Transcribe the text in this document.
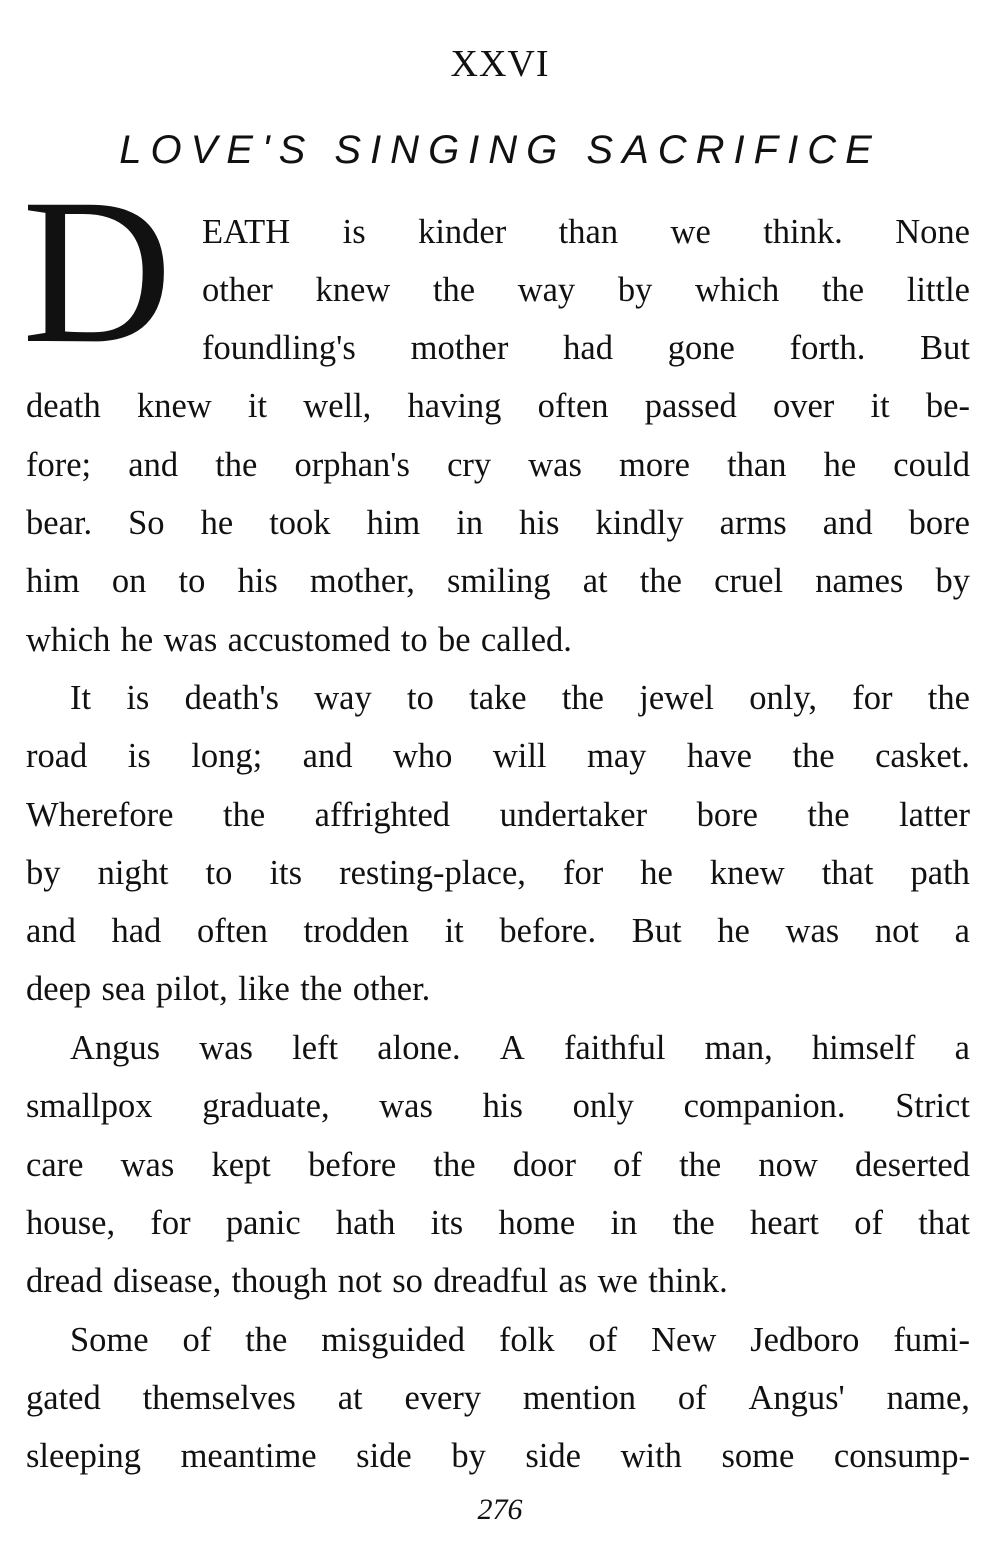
XXVI
LOVE'S SINGING SACRIFICE
D EATH is kinder than we think. None
other knew the way by which the little
foundling's mother had gone forth. But
death knew it well, having often passed over it be-
fore; and the orphan's cry was more than he could
bear. So he took him in his kindly arms and bore
him on to his mother, smiling at the cruel names by
which he was accustomed to be called.
It is death's way to take the jewel only, for the
road is long; and who will may have the casket.
Wherefore the affrighted undertaker bore the latter
by night to its resting-place, for he knew that path
and had often trodden it before. But he was not a
deep sea pilot, like the other.
Angus was left alone. A faithful man, himself a
smallpox graduate, was his only companion. Strict
care was kept before the door of the now deserted
house, for panic hath its home in the heart of that
dread disease, though not so dreadful as we think.
Some of the misguided folk of New Jedboro fumi-
gated themselves at every mention of Angus' name,
sleeping meantime side by side with some consump-
276
